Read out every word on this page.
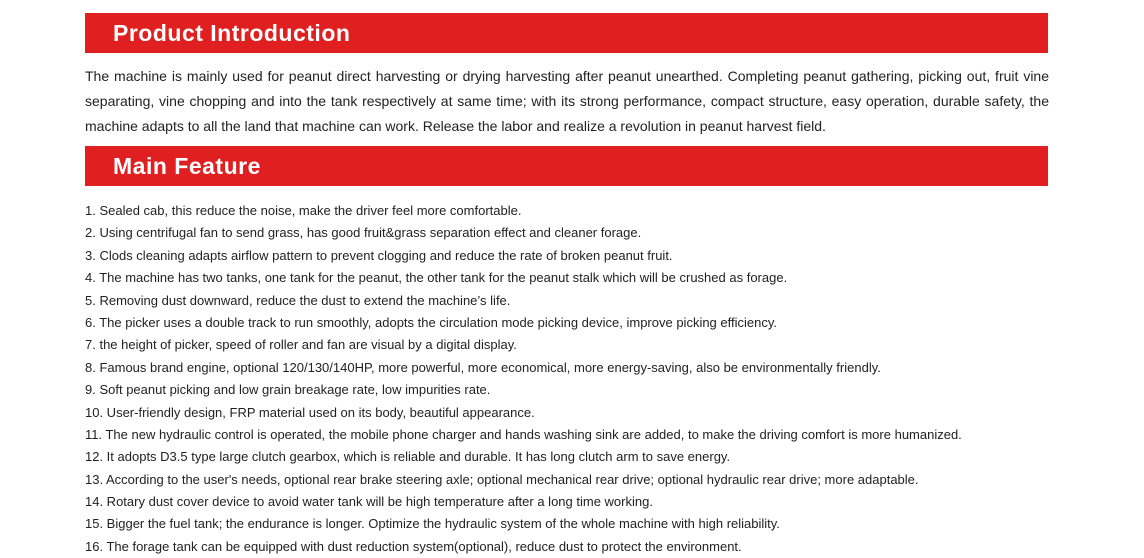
Product Introduction

The machine is mainly used for peanut direct harvesting or drying harvesting after peanut unearthed. Completing peanut gathering, picking out, fruit vine separating, vine chopping and into the tank respectively at same time; with its strong performance, compact structure, easy operation, durable safety, the machine adapts to all the land that machine can work. Release the labor and realize a revolution in peanut harvest field.

Main Feature
1. Sealed cab, this reduce the noise, make the driver feel more comfortable.
2. Using centrifugal fan to send grass, has good fruit&grass separation effect and cleaner forage.
3. Clods cleaning adapts airflow pattern to prevent clogging and reduce the rate of broken peanut fruit.
4. The machine has two tanks, one tank for the peanut, the other tank for the peanut stalk which will be crushed as forage.
5. Removing dust downward, reduce the dust to extend the machine’s life.
6. The picker uses a double track to run smoothly, adopts the circulation mode picking device, improve picking efficiency.
7. the height of picker, speed of roller and fan are visual by a digital display.
8. Famous brand engine, optional 120/130/140HP, more powerful, more economical, more energy-saving, also be environmentally friendly.
9. Soft peanut picking and low grain breakage rate, low impurities rate.
10. User-friendly design, FRP material used on its body, beautiful appearance.
11. The new hydraulic control is operated, the mobile phone charger and hands washing sink are added, to make the driving comfort is more humanized.
12. It adopts D3.5 type large clutch gearbox, which is reliable and durable. It has long clutch arm to save energy.
13. According to the user's needs, optional rear brake steering axle; optional mechanical rear drive; optional hydraulic rear drive; more adaptable.
14. Rotary dust cover device to avoid water tank will be high temperature after a long time working.
15. Bigger the fuel tank; the endurance is longer. Optimize the hydraulic system of the whole machine with high reliability.
16. The forage tank can be equipped with dust reduction system(optional), reduce dust to protect the environment.
